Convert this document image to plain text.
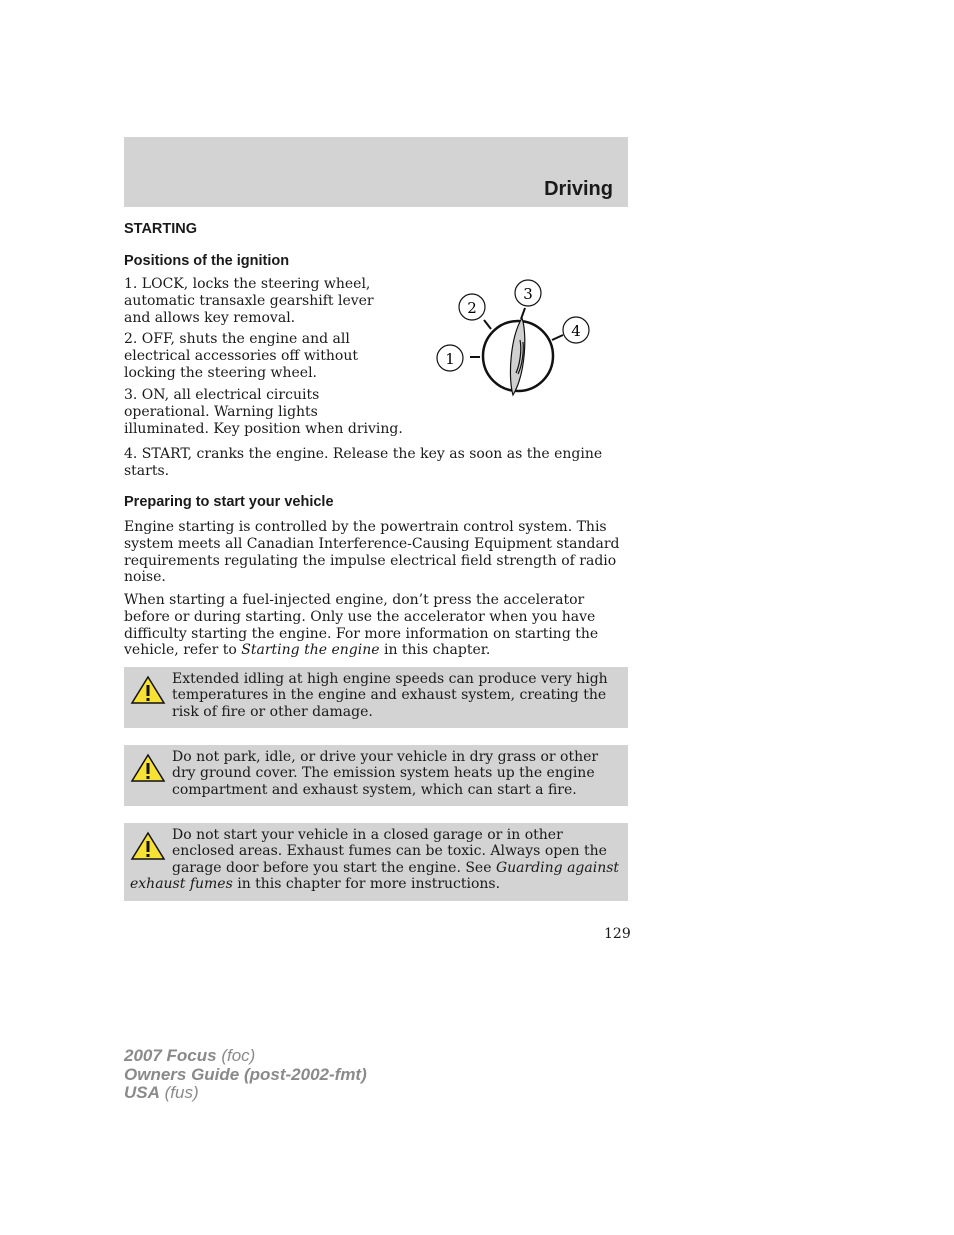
Driving
STARTING
Positions of the ignition

1. LOCK, locks the steering wheel, automatic transaxle gearshift lever and allows key removal.

2. OFF, shuts the engine and all electrical accessories off without locking the steering wheel.

3. ON, all electrical circuits operational. Warning lights illuminated. Key position when driving.

4. START, cranks the engine. Release the key as soon as the engine starts.

1
2
3
4
Preparing to start your vehicle

Engine starting is controlled by the powertrain control system. This system meets all Canadian Interference-Causing Equipment standard requirements regulating the impulse electrical field strength of radio noise.

When starting a fuel-injected engine, don’t press the accelerator before or during starting. Only use the accelerator when you have difficulty starting the engine. For more information on starting the vehicle, refer to Starting the engine in this chapter.

Extended idling at high engine speeds can produce very high temperatures in the engine and exhaust system, creating the risk of fire or other damage.

Do not park, idle, or drive your vehicle in dry grass or other dry ground cover. The emission system heats up the engine compartment and exhaust system, which can start a fire.

Do not start your vehicle in a closed garage or in other enclosed areas. Exhaust fumes can be toxic. Always open the garage door before you start the engine. See Guarding against exhaust fumes in this chapter for more instructions.

129
2007 Focus (foc)
Owners Guide (post-2002-fmt)
USA (fus)
